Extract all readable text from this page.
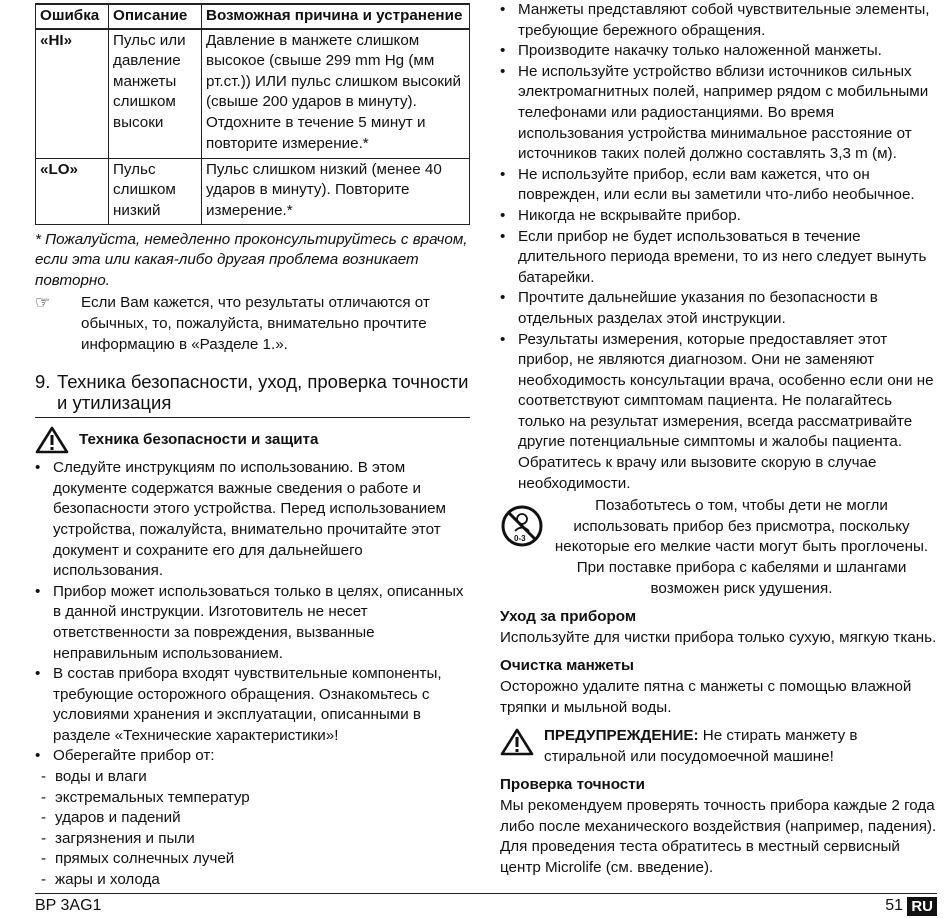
Ошибка	Описание	Возможная причина и устранение
«HI»	Пульс или давление манжеты слишком высоки	Давление в манжете слишком высокое (свыше 299 mm Hg (мм рт.ст.)) ИЛИ пульс слишком высокий (свыше 200 ударов в минуту). Отдохните в течение 5 минут и повторите измерение.*
«LO»	Пульс слишком низкий	Пульс слишком низкий (менее 40 ударов в минуту). Повторите измерение.*
* Пожалуйста, немедленно проконсультируйтесь с врачом, если эта или какая-либо другая проблема возникает повторно.
☞	Если Вам кажется, что результаты отличаются от обычных, то, пожалуйста, внимательно прочтите информацию в «Разделе 1.».
9. Техника безопасности, уход, проверка точности и утилизация
Техника безопасности и защита
• Следуйте инструкциям по использованию. В этом документе содержатся важные сведения о работе и безопасности этого устройства. Перед использованием устройства, пожалуйста, внимательно прочитайте этот документ и сохраните его для дальнейшего использования.
• Прибор может использоваться только в целях, описанных в данной инструкции. Изготовитель не несет ответственности за повреждения, вызванные неправильным использованием.
• В состав прибора входят чувствительные компоненты, требующие осторожного обращения. Ознакомьтесь с условиями хранения и эксплуатации, описанными в разделе «Технические характеристики»!
• Оберегайте прибор от:
- воды и влаги
- экстремальных температур
- ударов и падений
- загрязнения и пыли
- прямых солнечных лучей
- жары и холода
• Манжеты представляют собой чувствительные элементы, требующие бережного обращения.
• Производите накачку только наложенной манжеты.
• Не используйте устройство вблизи источников сильных электромагнитных полей, например рядом с мобильными телефонами или радиостанциями. Во время использования устройства минимальное расстояние от источников таких полей должно составлять 3,3 m (м).
• Не используйте прибор, если вам кажется, что он поврежден, или если вы заметили что-либо необычное.
• Никогда не вскрывайте прибор.
• Если прибор не будет использоваться в течение длительного периода времени, то из него следует вынуть батарейки.
• Прочтите дальнейшие указания по безопасности в отдельных разделах этой инструкции.
• Результаты измерения, которые предоставляет этот прибор, не являются диагнозом. Они не заменяют необходимость консультации врача, особенно если они не соответствуют симптомам пациента. Не полагайтесь только на результат измерения, всегда рассматривайте другие потенциальные симптомы и жалобы пациента. Обратитесь к врачу или вызовите скорую в случае необходимости.
0-3
Позаботьтесь о том, чтобы дети не могли использовать прибор без присмотра, поскольку некоторые его мелкие части могут быть проглочены. При поставке прибора с кабелями и шлангами возможен риск удушения.
Уход за прибором
Используйте для чистки прибора только сухую, мягкую ткань.
Очистка манжеты
Осторожно удалите пятна с манжеты с помощью влажной тряпки и мыльной воды.
ПРЕДУПРЕЖДЕНИЕ: Не стирать манжету в стиральной или посудомоечной машине!
Проверка точности
Мы рекомендуем проверять точность прибора каждые 2 года либо после механического воздействия (например, падения). Для проведения теста обратитесь в местный сервисный центр Microlife (см. введение).
BP 3AG1	51 RU
